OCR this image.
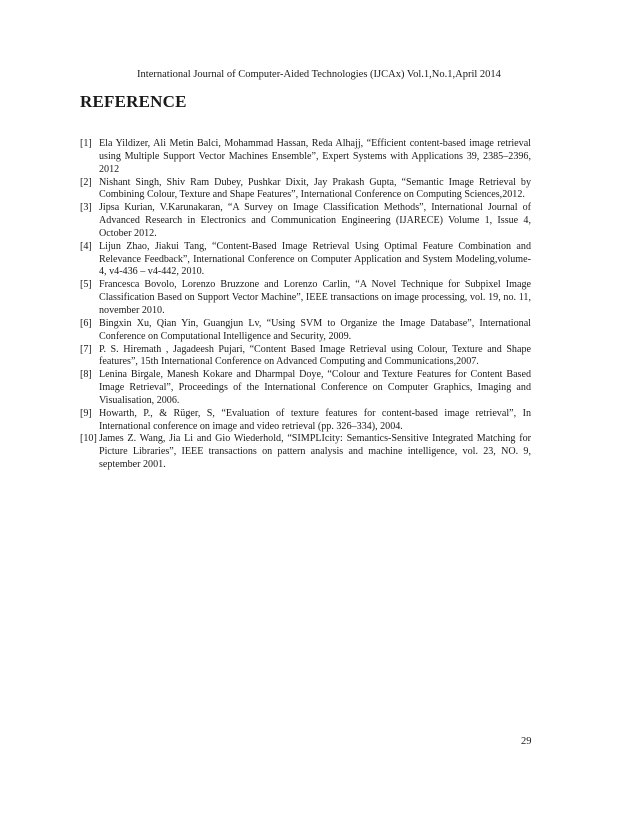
International Journal of Computer-Aided Technologies (IJCAx) Vol.1,No.1,April 2014
REFERENCE
[1] Ela Yildizer, Ali Metin Balci, Mohammad Hassan, Reda Alhajj, “Efficient content-based image retrieval using Multiple Support Vector Machines Ensemble”, Expert Systems with Applications 39, 2385–2396, 2012
[2] Nishant Singh, Shiv Ram Dubey, Pushkar Dixit, Jay Prakash Gupta, “Semantic Image Retrieval by Combining Colour, Texture and Shape Features”, International Conference on Computing Sciences,2012.
[3] Jipsa Kurian, V.Karunakaran, “A Survey on Image Classification Methods”, International Journal of Advanced Research in Electronics and Communication Engineering (IJARECE) Volume 1, Issue 4, October 2012.
[4] Lijun Zhao, Jiakui Tang, “Content-Based Image Retrieval Using Optimal Feature Combination and Relevance Feedback”, International Conference on Computer Application and System Modeling,volume-4, v4-436 – v4-442, 2010.
[5] Francesca Bovolo, Lorenzo Bruzzone and Lorenzo Carlin, “A Novel Technique for Subpixel Image Classification Based on Support Vector Machine”, IEEE transactions on image processing, vol. 19, no. 11, november 2010.
[6] Bingxin Xu, Qian Yin, Guangjun Lv, “Using SVM to Organize the Image Database”, International Conference on Computational Intelligence and Security, 2009.
[7] P. S. Hiremath , Jagadeesh Pujari, “Content Based Image Retrieval using Colour, Texture and Shape features”, 15th International Conference on Advanced Computing and Communications,2007.
[8] Lenina Birgale, Manesh Kokare and Dharmpal Doye, “Colour and Texture Features for Content Based Image Retrieval”, Proceedings of the International Conference on Computer Graphics, Imaging and Visualisation, 2006.
[9] Howarth, P., & Rüger, S, “Evaluation of texture features for content-based image retrieval”, In International conference on image and video retrieval (pp. 326–334), 2004.
[10] James Z. Wang, Jia Li and Gio Wiederhold, “SIMPLIcity: Semantics-Sensitive Integrated Matching for Picture Libraries”, IEEE transactions on pattern analysis and machine intelligence, vol. 23, NO. 9, september 2001.
29
